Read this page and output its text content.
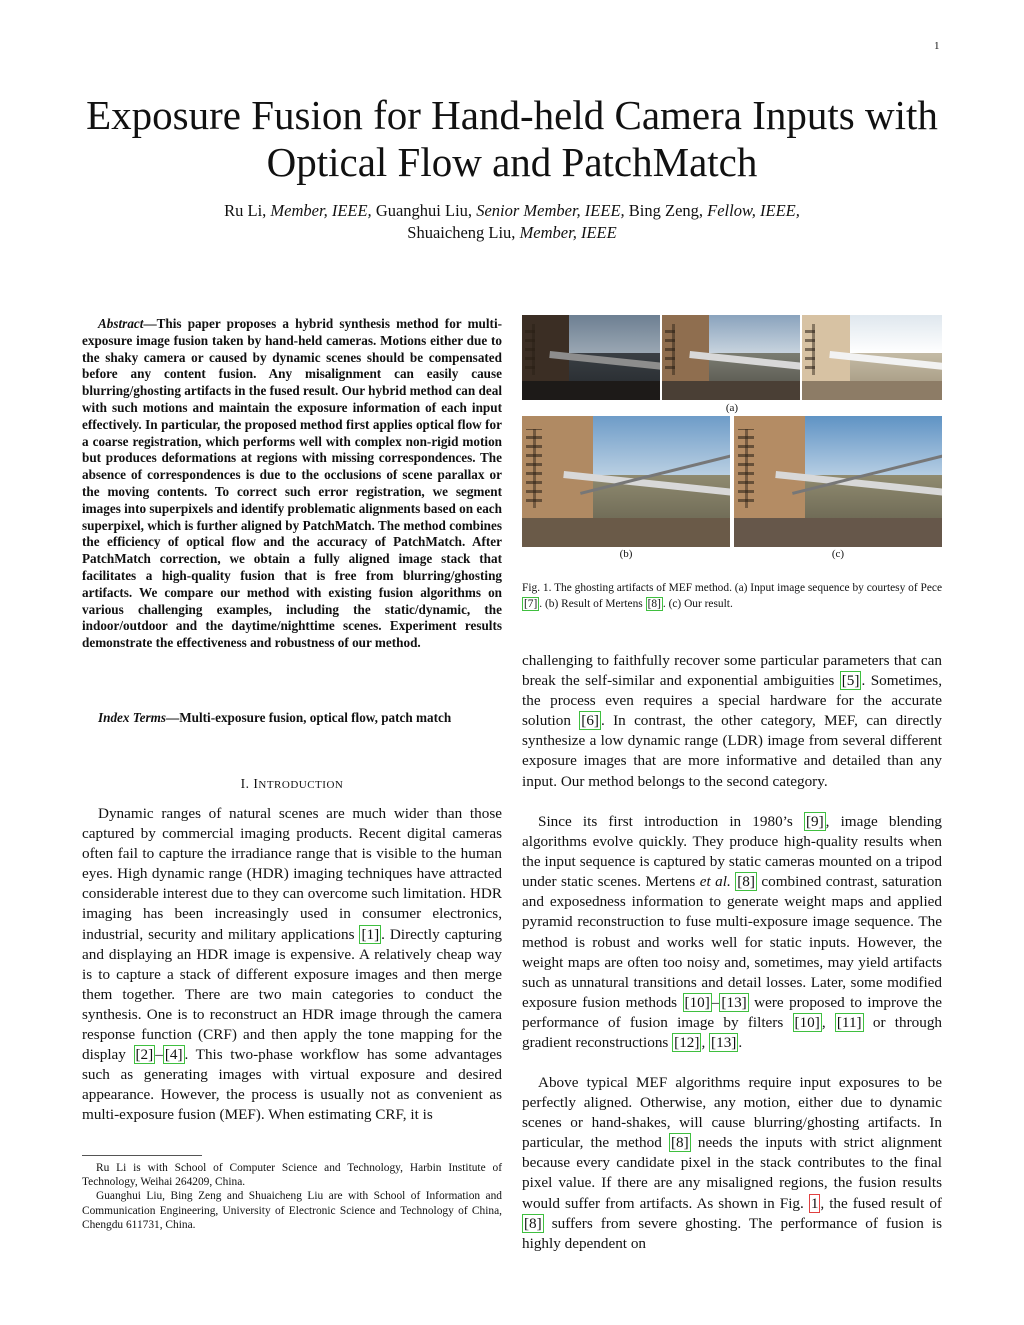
1
Exposure Fusion for Hand-held Camera Inputs with Optical Flow and PatchMatch
Ru Li, Member, IEEE, Guanghui Liu, Senior Member, IEEE, Bing Zeng, Fellow, IEEE,
Shuaicheng Liu, Member, IEEE

Abstract—This paper proposes a hybrid synthesis method for multi-exposure image fusion taken by hand-held cameras. Motions either due to the shaky camera or caused by dynamic scenes should be compensated before any content fusion. Any misalignment can easily cause blurring/ghosting artifacts in the fused result. Our hybrid method can deal with such motions and maintain the exposure information of each input effectively. In particular, the proposed method first applies optical flow for a coarse registration, which performs well with complex non-rigid motion but produces deformations at regions with missing correspondences. The absence of correspondences is due to the occlusions of scene parallax or the moving contents. To correct such error registration, we segment images into superpixels and identify problematic alignments based on each superpixel, which is further aligned by PatchMatch. The method combines the efficiency of optical flow and the accuracy of PatchMatch. After PatchMatch correction, we obtain a fully aligned image stack that facilitates a high-quality fusion that is free from blurring/ghosting artifacts. We compare our method with existing fusion algorithms on various challenging examples, including the static/dynamic, the indoor/outdoor and the daytime/nighttime scenes. Experiment results demonstrate the effectiveness and robustness of our method.

Index Terms—Multi-exposure fusion, optical flow, patch match

I. INTRODUCTION

Dynamic ranges of natural scenes are much wider than those captured by commercial imaging products. Recent digital cameras often fail to capture the irradiance range that is visible to the human eyes. High dynamic range (HDR) imaging techniques have attracted considerable interest due to they can overcome such limitation. HDR imaging has been increasingly used in consumer electronics, industrial, security and military applications [1] . Directly capturing and displaying an HDR image is expensive. A relatively cheap way is to capture a stack of different exposure images and then merge them together. There are two main categories to conduct the synthesis. One is to reconstruct an HDR image through the camera response function (CRF) and then apply the tone mapping for the display [2] – [4] . This two-phase workflow has some advantages such as generating images with virtual exposure and desired appearance. However, the process is usually not as convenient as multi-exposure fusion (MEF). When estimating CRF, it is

Ru Li is with School of Computer Science and Technology, Harbin Institute of Technology, Weihai 264209, China.

Guanghui Liu, Bing Zeng and Shuaicheng Liu are with School of Information and Communication Engineering, University of Electronic Science and Technology of China, Chengdu 611731, China.

(a)
(b)	(c)

Fig. 1. The ghosting artifacts of MEF method. (a) Input image sequence by courtesy of Pece [7] . (b) Result of Mertens [8] . (c) Our result.

challenging to faithfully recover some particular parameters that can break the self-similar and exponential ambiguities [5] . Sometimes, the process even requires a special hardware for the accurate solution [6] . In contrast, the other category, MEF, can directly synthesize a low dynamic range (LDR) image from several different exposure images that are more informative and detailed than any input. Our method belongs to the second category.

Since its first introduction in 1980’s [9] , image blending algorithms evolve quickly. They produce high-quality results when the input sequence is captured by static cameras mounted on a tripod under static scenes. Mertens et al. [8] combined contrast, saturation and exposedness information to generate weight maps and applied pyramid reconstruction to fuse multi-exposure image sequence. The method is robust and works well for static inputs. However, the weight maps are often too noisy and, sometimes, may yield artifacts such as unnatural transitions and detail losses. Later, some modified exposure fusion methods [10] – [13] were proposed to improve the performance of fusion image by filters [10] , [11] or through gradient reconstructions [12] , [13] .

Above typical MEF algorithms require input exposures to be perfectly aligned. Otherwise, any motion, either due to dynamic scenes or hand-shakes, will cause blurring/ghosting artifacts. In particular, the method [8] needs the inputs with strict alignment because every candidate pixel in the stack contributes to the final pixel value. If there are any misaligned regions, the fusion results would suffer from artifacts. As shown in Fig. 1 , the fused result of [8] suffers from severe ghosting. The performance of fusion is highly dependent on
